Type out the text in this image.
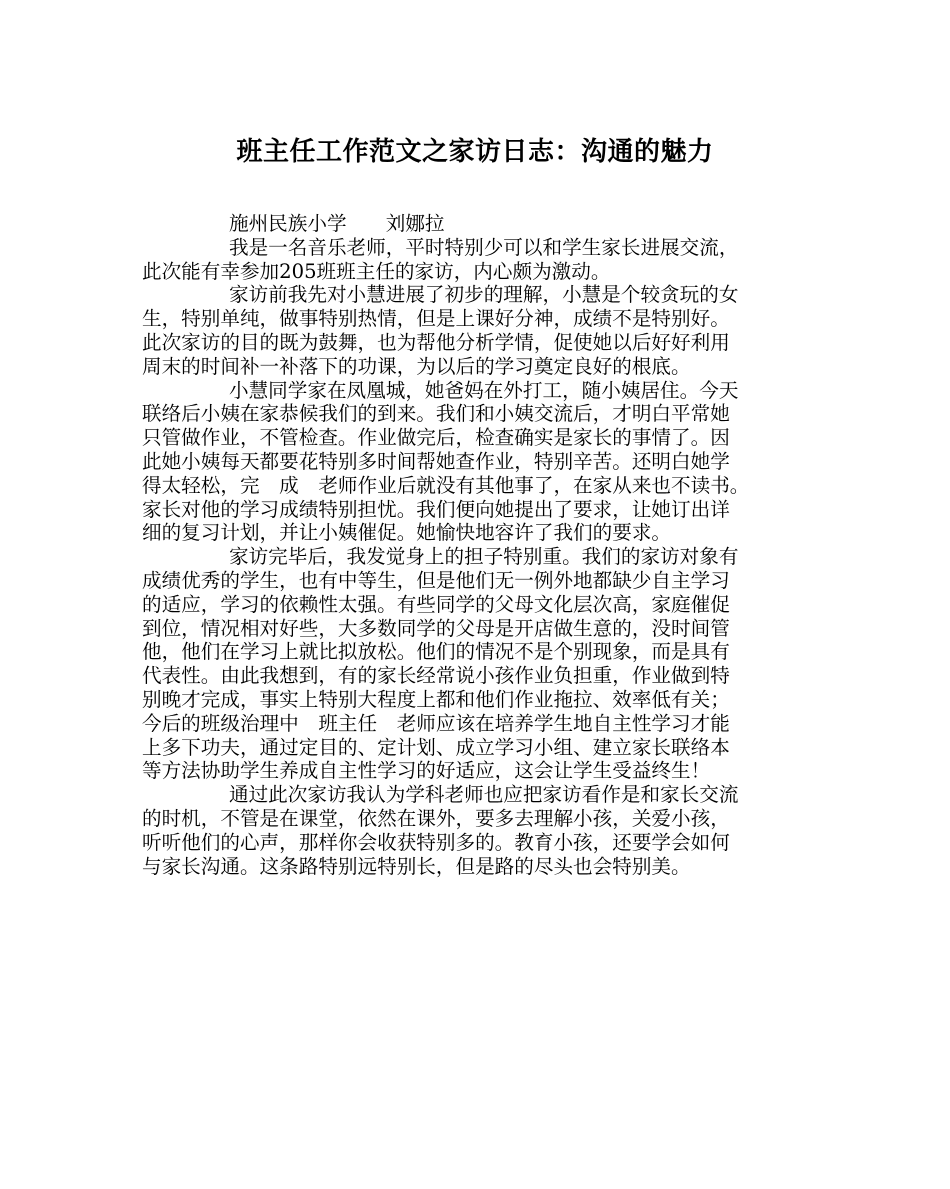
班主任工作范文之家访日志：沟通的魅力
施州民族小学　　刘娜拉
我是一名音乐老师，平时特别少可以和学生家长进展交流，
此次能有幸参加205班班主任的家访，内心颇为激动。
家访前我先对小慧进展了初步的理解，小慧是个较贪玩的女
生，特别单纯，做事特别热情，但是上课好分神，成绩不是特别好。
此次家访的目的既为鼓舞，也为帮他分析学情，促使她以后好好利用
周末的时间补一补落下的功课，为以后的学习奠定良好的根底。
小慧同学家在凤凰城，她爸妈在外打工，随小姨居住。今天
联络后小姨在家恭候我们的到来。我们和小姨交流后，才明白平常她
只管做作业，不管检查。作业做完后，检查确实是家长的事情了。因
此她小姨每天都要花特别多时间帮她查作业，特别辛苦。还明白她学
得太轻松，完　成　老师作业后就没有其他事了，在家从来也不读书。
家长对他的学习成绩特别担忧。我们便向她提出了要求，让她订出详
细的复习计划，并让小姨催促。她愉快地容许了我们的要求。
家访完毕后，我发觉身上的担子特别重。我们的家访对象有
成绩优秀的学生，也有中等生，但是他们无一例外地都缺少自主学习
的适应，学习的依赖性太强。有些同学的父母文化层次高，家庭催促
到位，情况相对好些，大多数同学的父母是开店做生意的，没时间管
他，他们在学习上就比拟放松。他们的情况不是个别现象，而是具有
代表性。由此我想到，有的家长经常说小孩作业负担重，作业做到特
别晚才完成，事实上特别大程度上都和他们作业拖拉、效率低有关；
今后的班级治理中　班主任　老师应该在培养学生地自主性学习才能
上多下功夫，通过定目的、定计划、成立学习小组、建立家长联络本
等方法协助学生养成自主性学习的好适应，这会让学生受益终生！
通过此次家访我认为学科老师也应把家访看作是和家长交流
的时机，不管是在课堂，依然在课外，要多去理解小孩，关爱小孩，
听听他们的心声，那样你会收获特别多的。教育小孩，还要学会如何
与家长沟通。这条路特别远特别长，但是路的尽头也会特别美。
